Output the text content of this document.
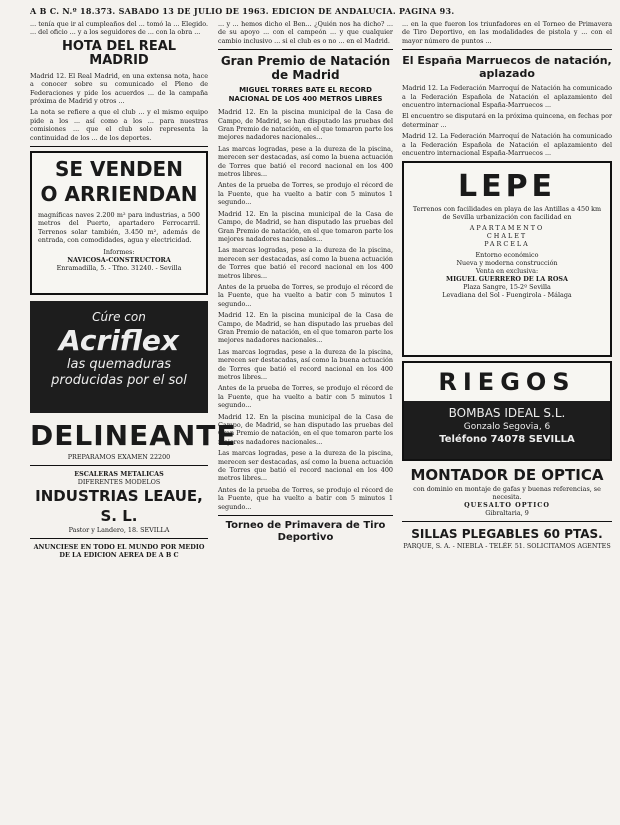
A B C. N.º 18.373. SABADO 13 DE JULIO DE 1963. EDICION DE ANDALUCIA. PAGINA 93.

... tenía que ir al cumpleaños del ... tomó la ... Elegido. ... del oficio ... y a los seguidores de ... con la obra ...

HOTA DEL REAL MADRID

Madrid 12. El Real Madrid, en una extensa nota, hace a conocer sobre su comunicado el Pleno de Federaciones y pide los acuerdos ... de la campaña próxima de Madrid y otros ...

La nota se refiere a que el club ... y el mismo equipo pide a los ... así como a los ... para nuestras comisiones ... que el club solo representa la continuidad de los ... de los deportes.

SE VENDEN
O ARRIENDAN

magníficas naves 2.200 m² para industrias, a 500 metros del Puerto, apartadero Ferrocarril. Terrenos solar también, 3.450 m², además de entrada, con comodidades, agua y electricidad.

Informes:
NAVICOSA-CONSTRUCTORA
Enramadilla, 5. - Tfno. 31240. - Sevilla
Cúre con
Acriflex
las quemaduras
producidas por el sol
DELINEANTE
PREPARAMOS EXAMEN 22200
ESCALERAS METALICAS
DIFERENTES MODELOS
INDUSTRIAS LEAUE, S. L.
Pastor y Landero, 18. SEVILLA
ANUNCIESE EN TODO EL MUNDO POR MEDIO DE LA EDICION AEREA DE A B C

... y ... hemos dicho el Ben... ¿Quién nos ha dicho? ... de su apoyo ... con el campeón ... y que cualquier cambio inclusivo ... si el club es o no ... en el Madrid.

Gran Premio de Natación de Madrid
MIGUEL TORRES BATE EL RECORD NACIONAL DE LOS 400 METROS LIBRES

Madrid 12. En la piscina municipal de la Casa de Campo, de Madrid, se han disputado las pruebas del Gran Premio de natación, en el que tomaron parte los mejores nadadores nacionales...

Las marcas logradas, pese a la dureza de la piscina, merecen ser destacadas, así como la buena actuación de Torres que batió el record nacional en los 400 metros libres...

Antes de la prueba de Torres, se produjo el récord de la Fuente, que ha vuelto a batir con 5 minutos 1 segundo...

Madrid 12. En la piscina municipal de la Casa de Campo, de Madrid, se han disputado las pruebas del Gran Premio de natación, en el que tomaron parte los mejores nadadores nacionales...

Las marcas logradas, pese a la dureza de la piscina, merecen ser destacadas, así como la buena actuación de Torres que batió el record nacional en los 400 metros libres...

Antes de la prueba de Torres, se produjo el récord de la Fuente, que ha vuelto a batir con 5 minutos 1 segundo...

Madrid 12. En la piscina municipal de la Casa de Campo, de Madrid, se han disputado las pruebas del Gran Premio de natación, en el que tomaron parte los mejores nadadores nacionales...

Las marcas logradas, pese a la dureza de la piscina, merecen ser destacadas, así como la buena actuación de Torres que batió el record nacional en los 400 metros libres...

Antes de la prueba de Torres, se produjo el récord de la Fuente, que ha vuelto a batir con 5 minutos 1 segundo...

Madrid 12. En la piscina municipal de la Casa de Campo, de Madrid, se han disputado las pruebas del Gran Premio de natación, en el que tomaron parte los mejores nadadores nacionales...

Las marcas logradas, pese a la dureza de la piscina, merecen ser destacadas, así como la buena actuación de Torres que batió el record nacional en los 400 metros libres...

Antes de la prueba de Torres, se produjo el récord de la Fuente, que ha vuelto a batir con 5 minutos 1 segundo...

Torneo de Primavera de Tiro Deportivo

... en la que fueron los triunfadores en el Torneo de Primavera de Tiro Deportivo, en las modalidades de pistola y ... con el mayor número de puntos ...

El España Marruecos de natación, aplazado

Madrid 12. La Federación Marroquí de Natación ha comunicado a la Federación Española de Natación el aplazamiento del encuentro internacional España-Marruecos ...

El encuentro se disputará en la próxima quincena, en fechas por determinar ...

Madrid 12. La Federación Marroquí de Natación ha comunicado a la Federación Española de Natación el aplazamiento del encuentro internacional España-Marruecos ...

LEPE
Terrenos con facilidades en playa de las Antillas a 450 km de Sevilla urbanización con facilidad en
APARTAMENTO
CHALET
PARCELA
Entorno económico
Nueva y moderna construcción
Venta en exclusiva:
MIGUEL GUERRERO DE LA ROSA
Plaza Sangre, 15-2º Sevilla
Levadiana del Sol - Fuengirola - Málaga
RIEGOS
BOMBAS IDEAL S.L.
Gonzalo Segovia, 6
Teléfono 74078 SEVILLA
MONTADOR DE OPTICA
con dominio en montaje de gafas y buenas referencias, se necesita.
QUESALTO OPTICO
Gibraltaria, 9
SILLAS PLEGABLES 60 PTAS.
PARQUE, S. A. - NIEBLA - TELÉF. 51. SOLICITAMOS AGENTES
